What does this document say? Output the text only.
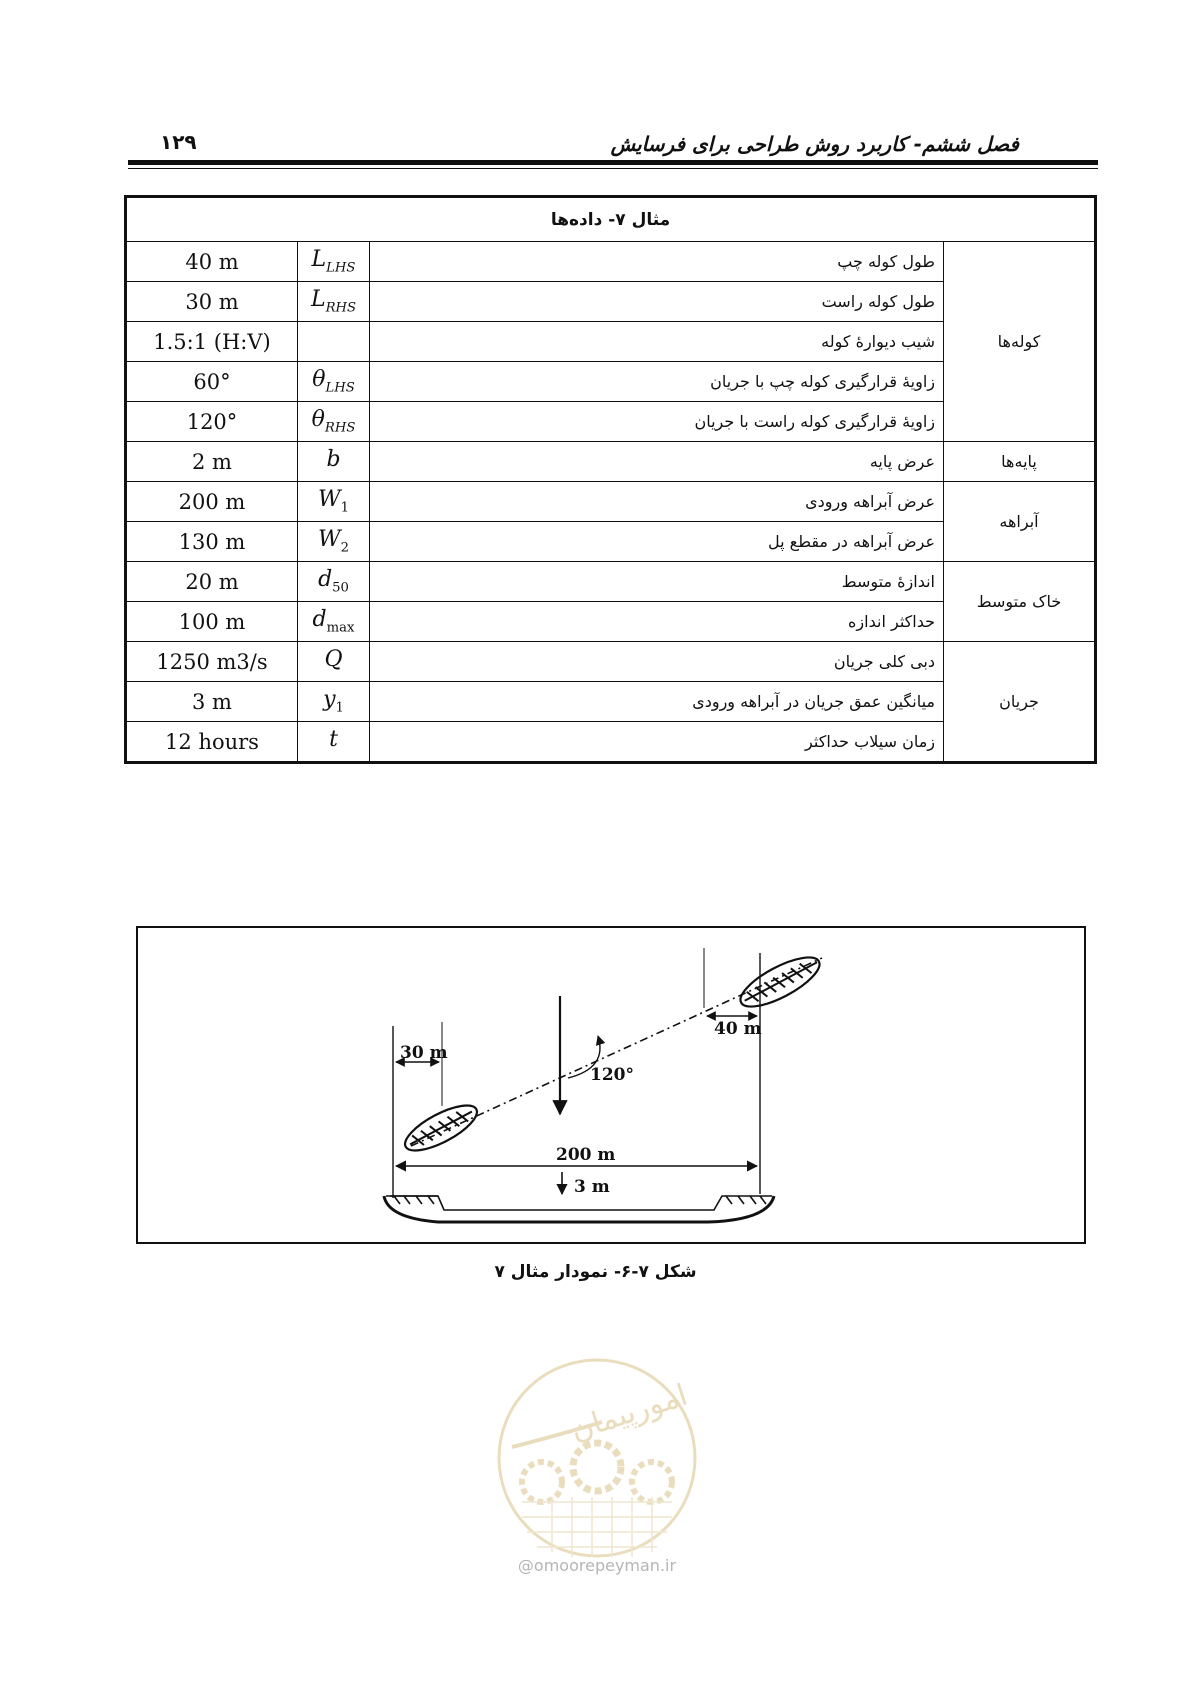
۱۲۹	فصل ششم- کاربرد روش طراحی برای فرسایش
مثال ۷- داده‌ها			
40 m	$L_{LHS}$	طول کوله چپ	کوله‌ها
30 m	$L_{RHS}$	طول کوله راست	
1.5:1 (H:V)		شیب دیوارهٔ کوله	
60°	$\theta_{LHS}$	زاویهٔ قرارگیری کوله چپ با جریان	
120°	$\theta_{RHS}$	زاویهٔ قرارگیری کوله راست با جریان	
2 m	b	عرض پایه	پایه‌ها
200 m	$W_1$	عرض آبراهه ورودی	آبراهه
130 m	$W_2$	عرض آبراهه در مقطع پل	
20 m	$d_{50}$	اندازهٔ متوسط	خاک متوسط
100 m	$d_{max}$	حداکثر اندازه	
1250 m3/s	Q	دبی کلی جریان	جریان
3 m	$y_1$	میانگین عمق جریان در آبراهه ورودی	
12 hours	t	زمان سیلاب حداکثر	
30 m
40 m
120°
200 m
3 m
شکل ۷-۶- نمودار مثال ۷
امورپیمان
@omoorepeyman.ir
